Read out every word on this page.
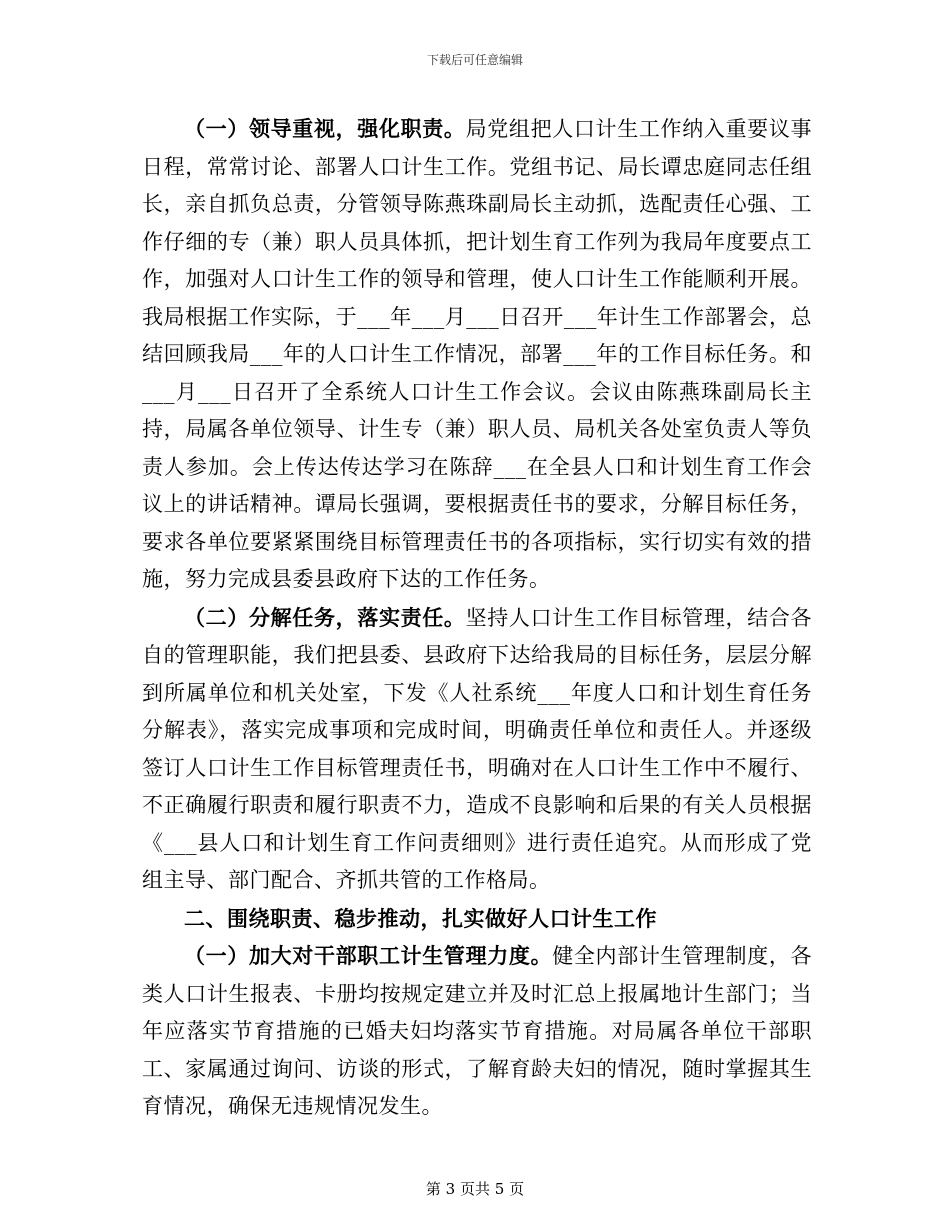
下载后可任意编辑

（一）领导重视，强化职责。局党组把人口计生工作纳入重要议事日程，常常讨论、部署人口计生工作。党组书记、局长谭忠庭同志任组长，亲自抓负总责，分管领导陈燕珠副局长主动抓，选配责任心强、工作仔细的专（兼）职人员具体抓，把计划生育工作列为我局年度要点工作，加强对人口计生工作的领导和管理，使人口计生工作能顺利开展。我局根据工作实际，于___年___月___日召开___年计生工作部署会，总结回顾我局___年的人口计生工作情况，部署___年的工作目标任务。和___月___日召开了全系统人口计生工作会议。会议由陈燕珠副局长主持，局属各单位领导、计生专（兼）职人员、局机关各处室负责人等负责人参加。会上传达传达学习在陈辞___在全县人口和计划生育工作会议上的讲话精神。谭局长强调，要根据责任书的要求，分解目标任务，要求各单位要紧紧围绕目标管理责任书的各项指标，实行切实有效的措施，努力完成县委县政府下达的工作任务。

（二）分解任务，落实责任。坚持人口计生工作目标管理，结合各自的管理职能，我们把县委、县政府下达给我局的目标任务，层层分解到所属单位和机关处室，下发《人社系统___年度人口和计划生育任务分解表》，落实完成事项和完成时间，明确责任单位和责任人。并逐级签订人口计生工作目标管理责任书，明确对在人口计生工作中不履行、不正确履行职责和履行职责不力，造成不良影响和后果的有关人员根据《___县人口和计划生育工作问责细则》进行责任追究。从而形成了党组主导、部门配合、齐抓共管的工作格局。

二、围绕职责、稳步推动，扎实做好人口计生工作

（一）加大对干部职工计生管理力度。健全内部计生管理制度，各类人口计生报表、卡册均按规定建立并及时汇总上报属地计生部门；当年应落实节育措施的已婚夫妇均落实节育措施。对局属各单位干部职工、家属通过询问、访谈的形式，了解育龄夫妇的情况，随时掌握其生育情况，确保无违规情况发生。

第 3 页共 5 页
